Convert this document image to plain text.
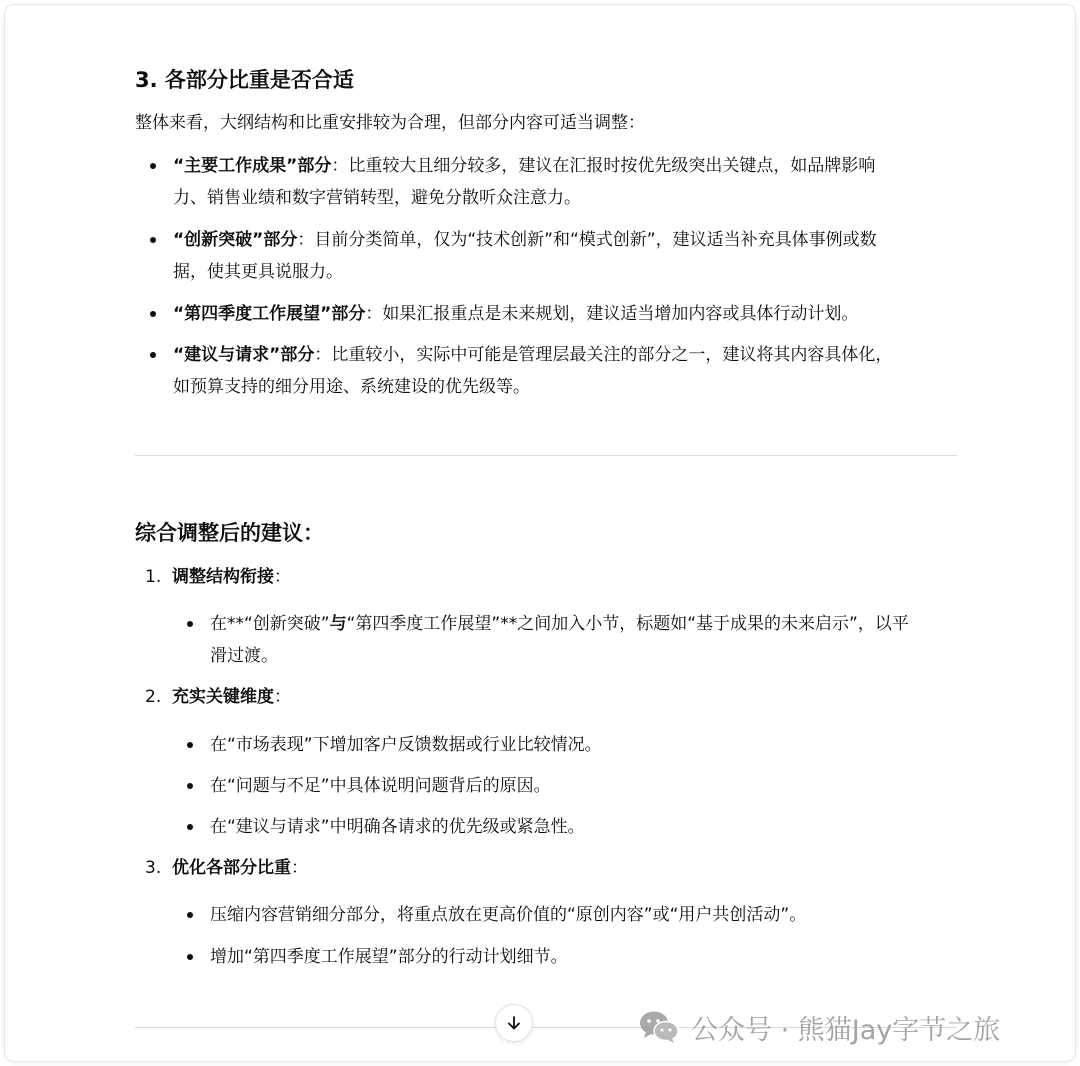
3. 各部分比重是否合适
整体来看，大纲结构和比重安排较为合理，但部分内容可适当调整：
“主要工作成果”部分：比重较大且细分较多，建议在汇报时按优先级突出关键点，如品牌影响
力、销售业绩和数字营销转型，避免分散听众注意力。
“创新突破”部分：目前分类简单，仅为“技术创新”和“模式创新”，建议适当补充具体事例或数
据，使其更具说服力。
“第四季度工作展望”部分：如果汇报重点是未来规划，建议适当增加内容或具体行动计划。
“建议与请求”部分：比重较小，实际中可能是管理层最关注的部分之一，建议将其内容具体化，
如预算支持的细分用途、系统建设的优先级等。
综合调整后的建议：
1. 调整结构衔接：
在**“创新突破”与“第四季度工作展望”**之间加入小节，标题如“基于成果的未来启示”，以平
滑过渡。
2. 充实关键维度：
在“市场表现”下增加客户反馈数据或行业比较情况。
在“问题与不足”中具体说明问题背后的原因。
在“建议与请求”中明确各请求的优先级或紧急性。
3. 优化各部分比重：
压缩内容营销细分部分，将重点放在更高价值的“原创内容”或“用户共创活动”。
增加“第四季度工作展望”部分的行动计划细节。
公众号 · 熊猫Jay字节之旅
